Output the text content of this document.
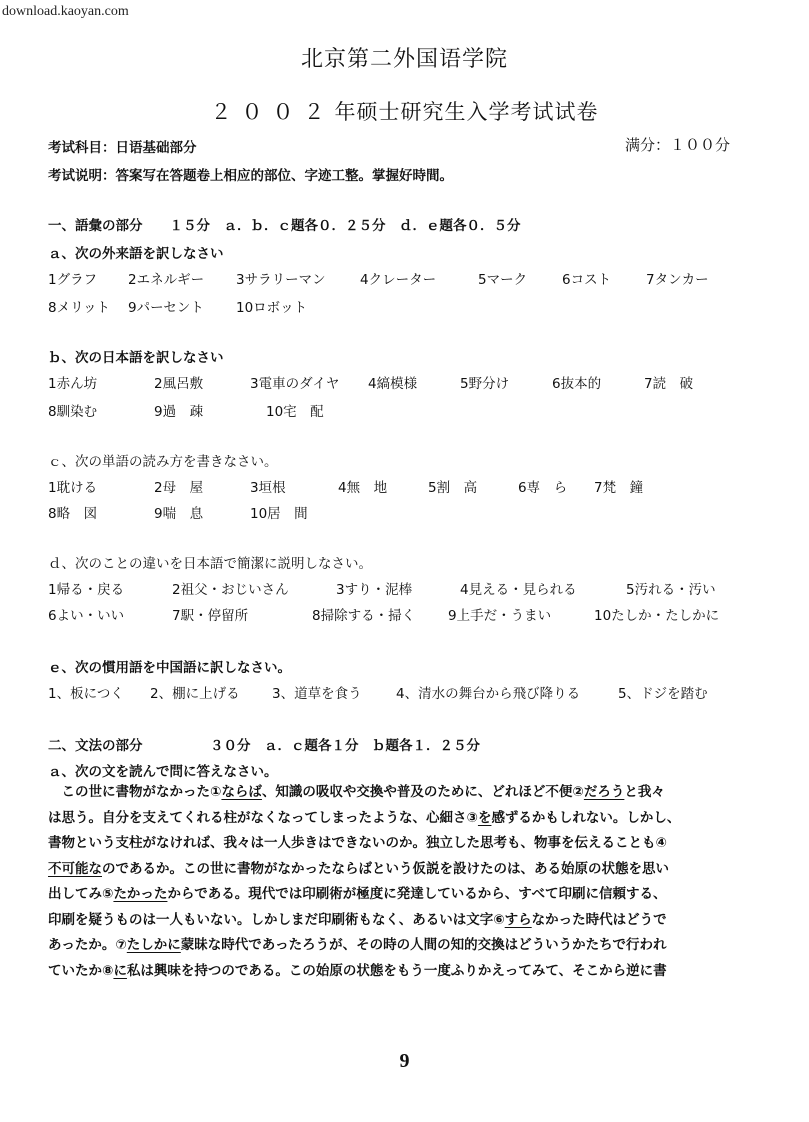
download.kaoyan.com
北京第二外国语学院
２００２年硕士研究生入学考试试卷
考试科目：日语基础部分	满分：１００分
考试说明：答案写在答题卷上相应的部位、字迹工整。掌握好時間。
一、語彙の部分　　１５分　ａ．ｂ．ｃ題各０．２５分　ｄ．ｅ題各０．５分
ａ、次の外来語を訳しなさい
1グラフ 2エネルギー 3サラリーマン	4クレーター	5マーク	6コスト	7タンカー
8メリット 9パーセント 10ロボット
ｂ、次の日本語を訳しなさい
1赤ん坊	2風呂敷	3電車のダイヤ 4縞模様	5野分け	6抜本的	7読　破
8馴染む	9過　疎	10宅　配
ｃ、次の単語の読み方を書きなさい。
1耽ける	2母　屋	3垣根	4無　地	5割　高	6専　ら 7梵　鐘
8略　図	9喘　息	10居　間
ｄ、次のことの違いを日本語で簡潔に説明しなさい。
1帰る・戻る	2祖父・おじいさん	3すり・泥棒	4見える・見られる	5汚れる・汚い
6よい・いい	7駅・停留所	8掃除する・掃く 9上手だ・うまい	10たしか・たしかに
ｅ、次の慣用語を中国語に訳しなさい。
1、板につく 2、棚に上げる 3、道草を食う	4、清水の舞台から飛び降りる	5、ドジを踏む
二、文法の部分　　　　　３０分　ａ．ｃ題各１分　ｂ題各１．２５分
ａ、次の文を読んで問に答えなさい。

　この世に書物がなかった①ならば、知識の吸収や交換や普及のために、どれほど不便②だろうと我々

は思う。自分を支えてくれる柱がなくなってしまったような、心細さ③を感ずるかもしれない。しかし、

書物という支柱がなければ、我々は一人歩きはできないのか。独立した思考も、物事を伝えることも④

不可能なのであるか。この世に書物がなかったならばという仮説を設けたのは、ある始原の状態を思い

出してみ⑤たかったからである。現代では印刷術が極度に発達しているから、すべて印刷に信頼する、

印刷を疑うものは一人もいない。しかしまだ印刷術もなく、あるいは文字⑥すらなかった時代はどうで

あったか。⑦たしかに蒙昧な時代であったろうが、その時の人間の知的交換はどういうかたちで行われ

ていたか⑧に私は興味を持つのである。この始原の状態をもう一度ふりかえってみて、そこから逆に書

9
